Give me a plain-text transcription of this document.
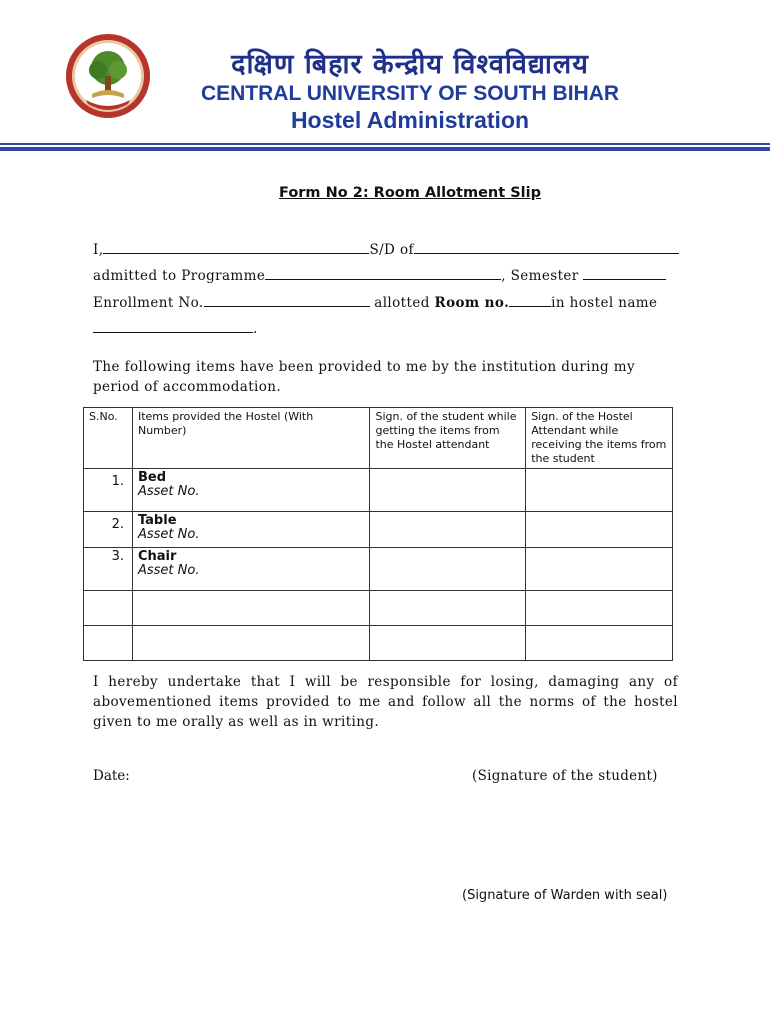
दक्षिण बिहार केन्द्रीय विश्वविद्यालय
CENTRAL UNIVERSITY OF SOUTH BIHAR
Hostel Administration
Form No 2: Room Allotment Slip
I,	S/D of
admitted to Programme	, Semester
Enrollment No.	allotted Room no.	in hostel name
.
The following items have been provided to me by the institution during my period of accommodation.
S.No.	Items provided the Hostel (With Number)	Sign. of the student while getting the items from the Hostel attendant	Sign. of the Hostel Attendant while receiving the items from the student
1.	Bed
Asset No.		

2.	Table
Asset No.		

3.	Chair
Asset No.		

I hereby undertake that I will be responsible for losing, damaging any of abovementioned items provided to me and follow all the norms of the hostel given to me orally as well as in writing.
Date:	(Signature of the student)
(Signature of Warden with seal)
